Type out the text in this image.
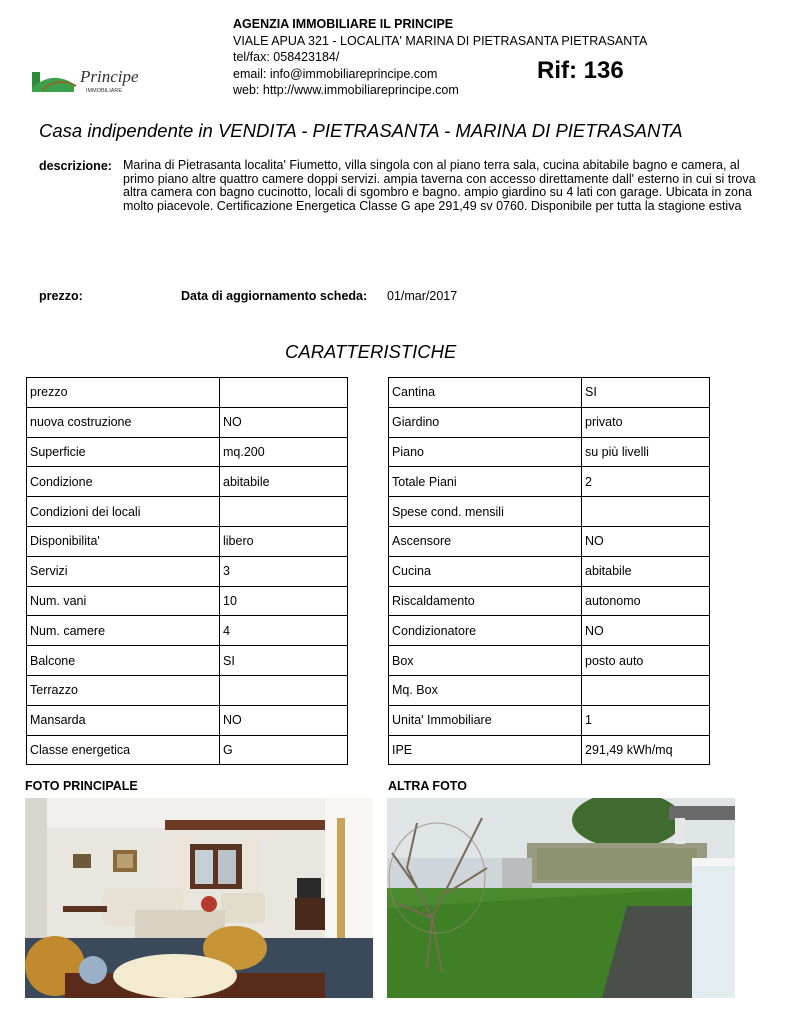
Principe
IMMOBILIARE
AGENZIA IMMOBILIARE IL PRINCIPE
VIALE APUA 321 - LOCALITA' MARINA DI PIETRASANTA PIETRASANTA
tel/fax: 058423184/
email: info@immobiliareprincipe.com
web: http://www.immobiliareprincipe.com
Rif: 136
Casa indipendente in VENDITA - PIETRASANTA - MARINA DI PIETRASANTA
descrizione: Marina di Pietrasanta localita' Fiumetto, villa singola con al piano terra sala, cucina abitabile bagno e camera, al primo piano altre quattro camere doppi servizi. ampia taverna con accesso direttamente dall' esterno in cui si trova altra camera con bagno cucinotto, locali di sgombro e bagno. ampio giardino su 4 lati con garage. Ubicata in zona molto piacevole. Certificazione Energetica Classe G ape 291,49 sv 0760. Disponibile per tutta la stagione estiva
prezzo:	Data di aggiornamento scheda: 01/mar/2017
CARATTERISTICHE
prezzo	
nuova costruzione	NO
Superficie	mq.200
Condizione	abitabile
Condizioni dei locali	
Disponibilita'	libero
Servizi	3
Num. vani	10
Num. camere	4
Balcone	SI
Terrazzo	
Mansarda	NO
Classe energetica	G
Cantina	SI
Giardino	privato
Piano	su più livelli
Totale Piani	2
Spese cond. mensili	
Ascensore	NO
Cucina	abitabile
Riscaldamento	autonomo
Condizionatore	NO
Box	posto auto
Mq. Box	
Unita' Immobiliare	1
IPE	291,49 kWh/mq
FOTO PRINCIPALE	ALTRA FOTO
